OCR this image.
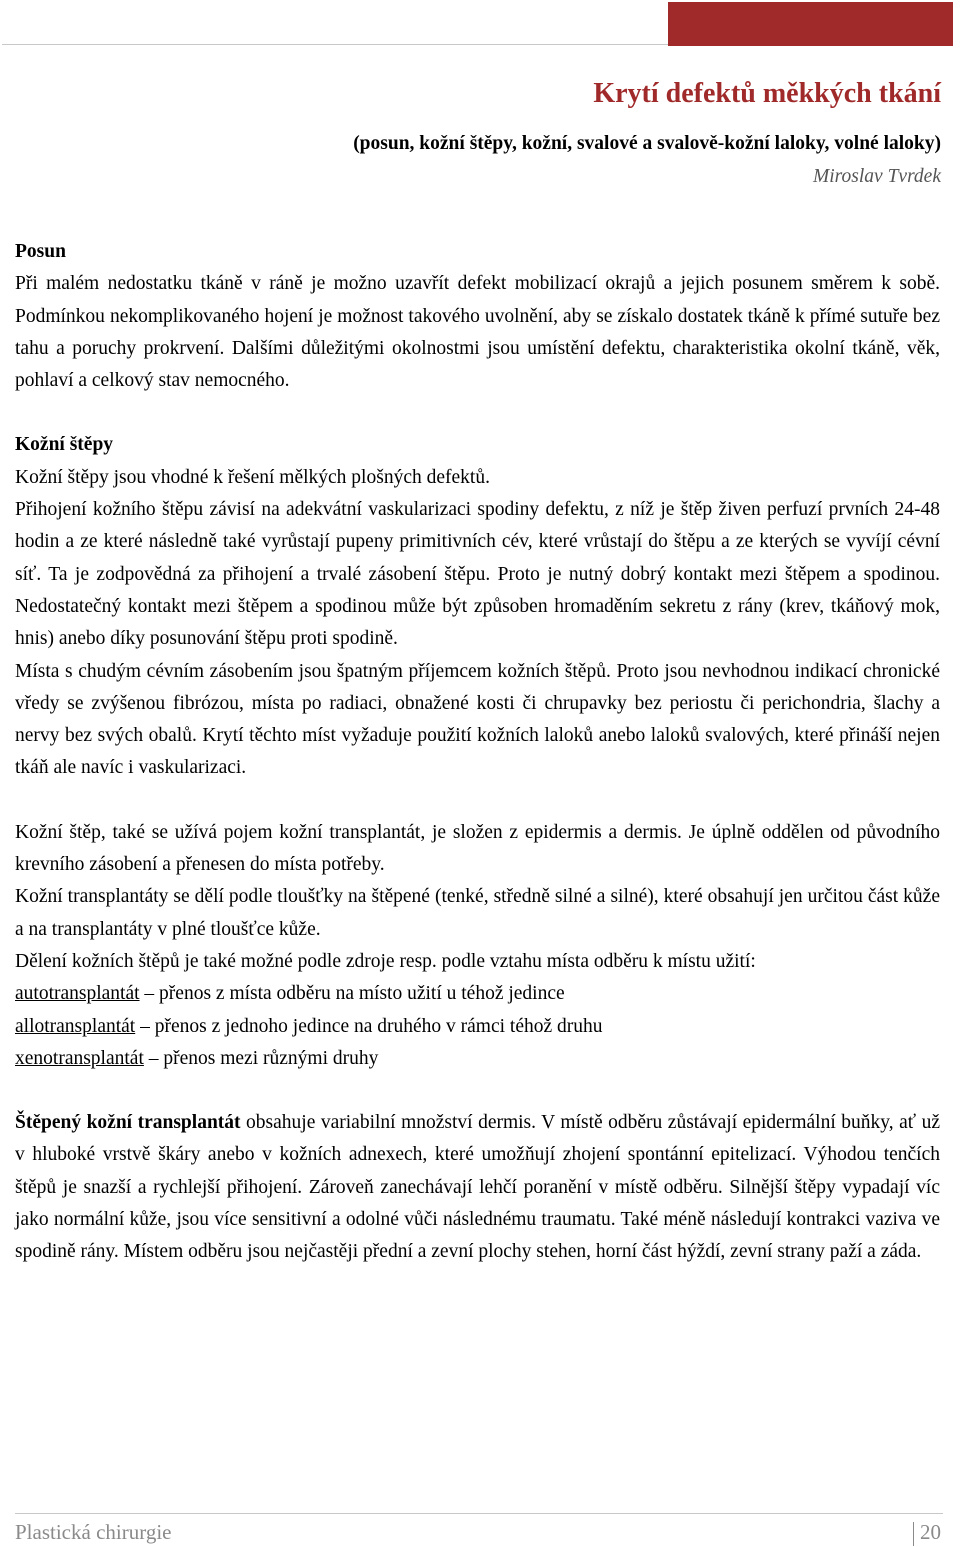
Krytí defektů měkkých tkání

(posun, kožní štěpy, kožní, svalové a svalově-kožní laloky, volné laloky)

Miroslav Tvrdek
Posun

Při malém nedostatku tkáně v ráně je možno uzavřít defekt mobilizací okrajů a jejich posunem směrem k sobě. Podmínkou nekomplikovaného hojení je možnost takového uvolnění, aby se získalo dostatek tkáně k přímé sutuře bez tahu a poruchy prokrvení. Dalšími důležitými okolnostmi jsou umístění defektu, charakteristika okolní tkáně, věk, pohlaví a celkový stav nemocného.

Kožní štěpy

Kožní štěpy jsou vhodné k řešení mělkých plošných defektů.

Přihojení kožního štěpu závisí na adekvátní vaskularizaci spodiny defektu, z níž je štěp živen perfuzí prvních 24-48 hodin a ze které následně také vyrůstají pupeny primitivních cév, které vrůstají do štěpu a ze kterých se vyvíjí cévní síť. Ta je zodpovědná za přihojení a trvalé zásobení štěpu. Proto je nutný dobrý kontakt mezi štěpem a spodinou. Nedostatečný kontakt mezi štěpem a spodinou může být způsoben hromaděním sekretu z rány (krev, tkáňový mok, hnis) anebo díky posunování štěpu proti spodině.

Místa s chudým cévním zásobením jsou špatným příjemcem kožních štěpů. Proto jsou nevhodnou indikací chronické vředy se zvýšenou fibrózou, místa po radiaci, obnažené kosti či chrupavky bez periostu či perichondria, šlachy a nervy bez svých obalů. Krytí těchto míst vyžaduje použití kožních laloků anebo laloků svalových, které přináší nejen tkáň ale navíc i vaskularizaci.

Kožní štěp, také se užívá pojem kožní transplantát, je složen z epidermis a dermis. Je úplně oddělen od původního krevního zásobení a přenesen do místa potřeby.

Kožní transplantáty se dělí podle tloušťky na štěpené (tenké, středně silné a silné), které obsahují jen určitou část kůže a na transplantáty v plné tloušťce kůže.

Dělení kožních štěpů je také možné podle zdroje resp. podle vztahu místa odběru k místu užití:

autotransplantát – přenos z místa odběru na místo užití u téhož jedince

allotransplantát – přenos z jednoho jedince na druhého v rámci téhož druhu

xenotransplantát – přenos mezi různými druhy

Štěpený kožní transplantát obsahuje variabilní množství dermis. V místě odběru zůstávají epidermální buňky, ať už v hluboké vrstvě škáry anebo v kožních adnexech, které umožňují zhojení spontánní epitelizací. Výhodou tenčích štěpů je snazší a rychlejší přihojení. Zároveň zanechávají lehčí poranění v místě odběru. Silnější štěpy vypadají víc jako normální kůže, jsou více sensitivní a odolné vůči následnému traumatu. Také méně následují kontrakci vaziva ve spodině rány. Místem odběru jsou nejčastěji přední a zevní plochy stehen, horní část hýždí, zevní strany paží a záda.

Plastická chirurgie	20
